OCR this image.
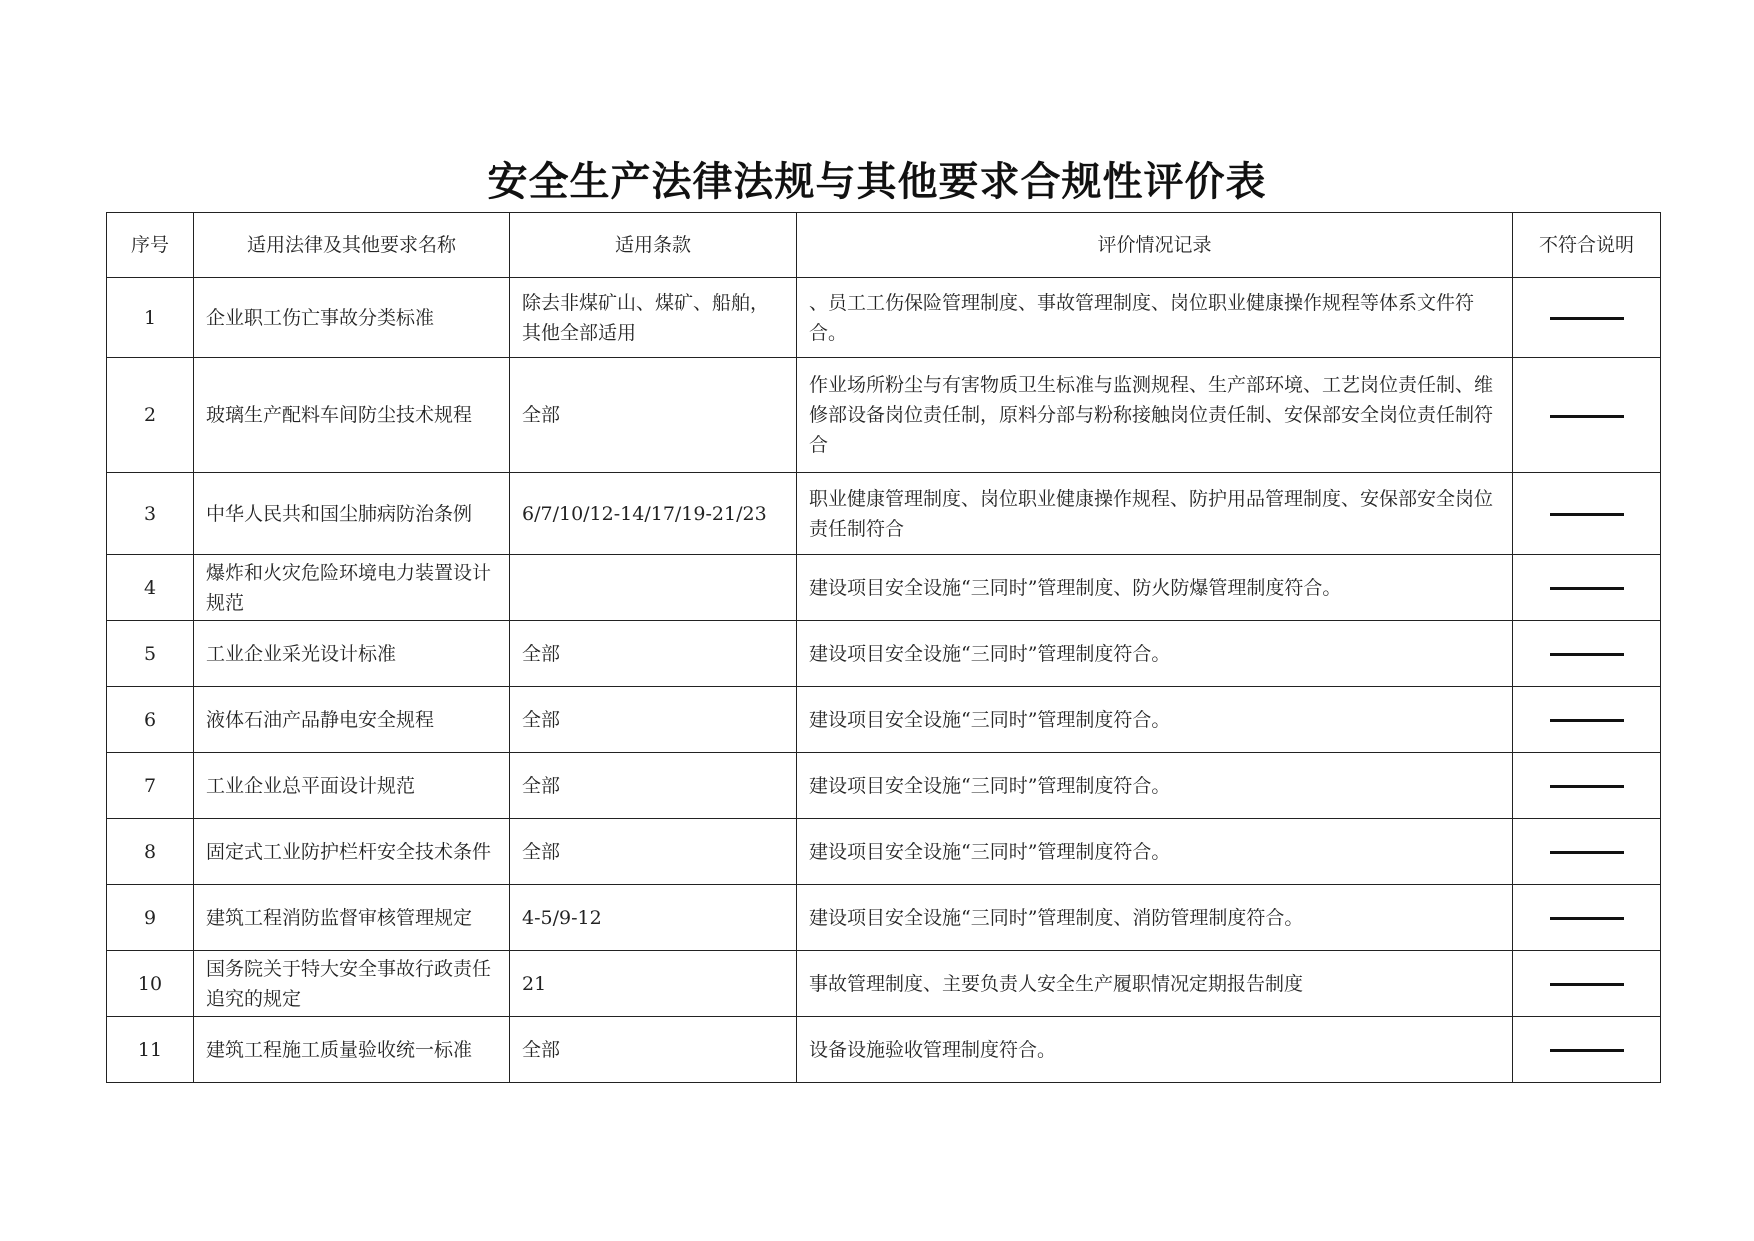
安全生产法律法规与其他要求合规性评价表
序号	适用法律及其他要求名称	适用条款	评价情况记录	不符合说明
1	企业职工伤亡事故分类标准	除去非煤矿山、煤矿、船舶，其他全部适用	、员工工伤保险管理制度、事故管理制度、岗位职业健康操作规程等体系文件符合。	
2	玻璃生产配料车间防尘技术规程	全部	作业场所粉尘与有害物质卫生标准与监测规程、生产部环境、工艺岗位责任制、维修部设备岗位责任制，原料分部与粉称接触岗位责任制、安保部安全岗位责任制符合	
3	中华人民共和国尘肺病防治条例	6/7/10/12-14/17/19-21/23	职业健康管理制度、岗位职业健康操作规程、防护用品管理制度、安保部安全岗位责任制符合	
4	爆炸和火灾危险环境电力装置设计规范		建设项目安全设施“三同时”管理制度、防火防爆管理制度符合。	
5	工业企业采光设计标准	全部	建设项目安全设施“三同时”管理制度符合。	
6	液体石油产品静电安全规程	全部	建设项目安全设施“三同时”管理制度符合。	
7	工业企业总平面设计规范	全部	建设项目安全设施“三同时”管理制度符合。	
8	固定式工业防护栏杆安全技术条件	全部	建设项目安全设施“三同时”管理制度符合。	
9	建筑工程消防监督审核管理规定	4-5/9-12	建设项目安全设施“三同时”管理制度、消防管理制度符合。	
10	国务院关于特大安全事故行政责任追究的规定	21	事故管理制度、主要负责人安全生产履职情况定期报告制度	
11	建筑工程施工质量验收统一标准	全部	设备设施验收管理制度符合。	
